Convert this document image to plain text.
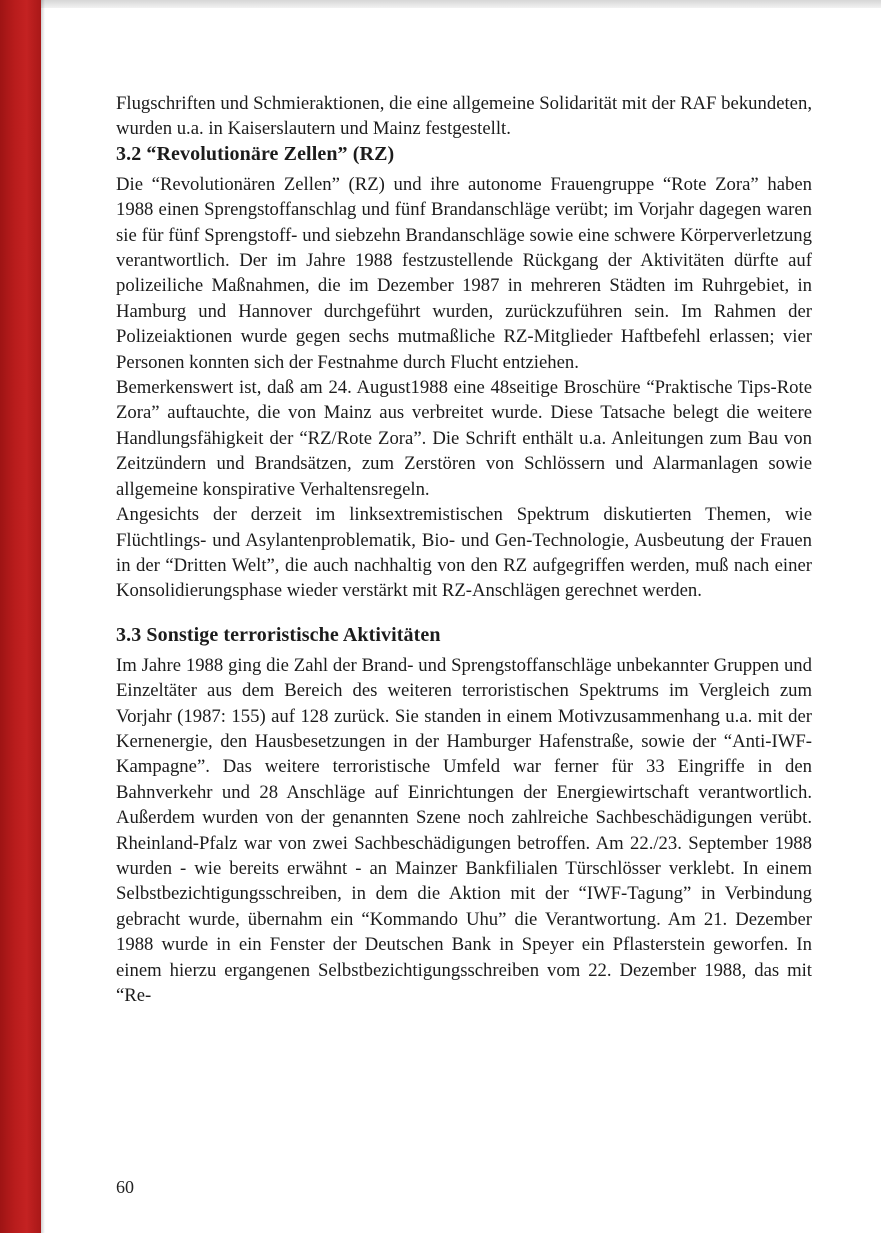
Flugschriften und Schmieraktionen, die eine allgemeine Solidarität mit der RAF bekundeten, wurden u.a. in Kaiserslautern und Mainz festgestellt.

3.2 “Revolutionäre Zellen” (RZ)

Die “Revolutionären Zellen” (RZ) und ihre autonome Frauengruppe “Rote Zora” haben 1988 einen Sprengstoffanschlag und fünf Brandanschläge verübt; im Vorjahr dagegen waren sie für fünf Sprengstoff- und siebzehn Brandanschläge sowie eine schwere Körperverletzung verantwortlich. Der im Jahre 1988 festzustellende Rückgang der Aktivitäten dürfte auf polizeiliche Maßnahmen, die im Dezember 1987 in mehreren Städten im Ruhrgebiet, in Hamburg und Hannover durchgeführt wurden, zurückzuführen sein. Im Rahmen der Polizeiaktionen wurde gegen sechs mutmaßliche RZ-Mitglieder Haftbefehl erlassen; vier Personen konnten sich der Festnahme durch Flucht entziehen.

Bemerkenswert ist, daß am 24. August1988 eine 48seitige Broschüre “Praktische Tips-Rote Zora” auftauchte, die von Mainz aus verbreitet wurde. Diese Tatsache belegt die weitere Handlungsfähigkeit der “RZ/Rote Zora”. Die Schrift enthält u.a. Anleitungen zum Bau von Zeitzündern und Brandsätzen, zum Zerstören von Schlössern und Alarmanlagen sowie allgemeine konspirative Verhaltensregeln.

Angesichts der derzeit im linksextremistischen Spektrum diskutierten Themen, wie Flüchtlings- und Asylantenproblematik, Bio- und Gen-Technologie, Ausbeutung der Frauen in der “Dritten Welt”, die auch nachhaltig von den RZ aufgegriffen werden, muß nach einer Konsolidierungsphase wieder verstärkt mit RZ-Anschlägen gerechnet werden.

3.3 Sonstige terroristische Aktivitäten

Im Jahre 1988 ging die Zahl der Brand- und Sprengstoffanschläge unbekannter Gruppen und Einzeltäter aus dem Bereich des weiteren terroristischen Spektrums im Vergleich zum Vorjahr (1987: 155) auf 128 zurück. Sie standen in einem Motivzusammenhang u.a. mit der Kernenergie, den Hausbesetzungen in der Hamburger Hafenstraße, sowie der “Anti-IWF-Kampagne”. Das weitere terroristische Umfeld war ferner für 33 Eingriffe in den Bahnverkehr und 28 Anschläge auf Einrichtungen der Energiewirtschaft verantwortlich. Außerdem wurden von der genannten Szene noch zahlreiche Sachbeschädigungen verübt. Rheinland-Pfalz war von zwei Sachbeschädigungen betroffen. Am 22./23. September 1988 wurden - wie bereits erwähnt - an Mainzer Bankfilialen Türschlösser verklebt. In einem Selbstbezichtigungsschreiben, in dem die Aktion mit der “IWF-Tagung” in Verbindung gebracht wurde, übernahm ein “Kommando Uhu” die Verantwortung. Am 21. Dezember 1988 wurde in ein Fenster der Deutschen Bank in Speyer ein Pflasterstein geworfen. In einem hierzu ergangenen Selbstbezichtigungsschreiben vom 22. Dezember 1988, das mit “Re-

60
